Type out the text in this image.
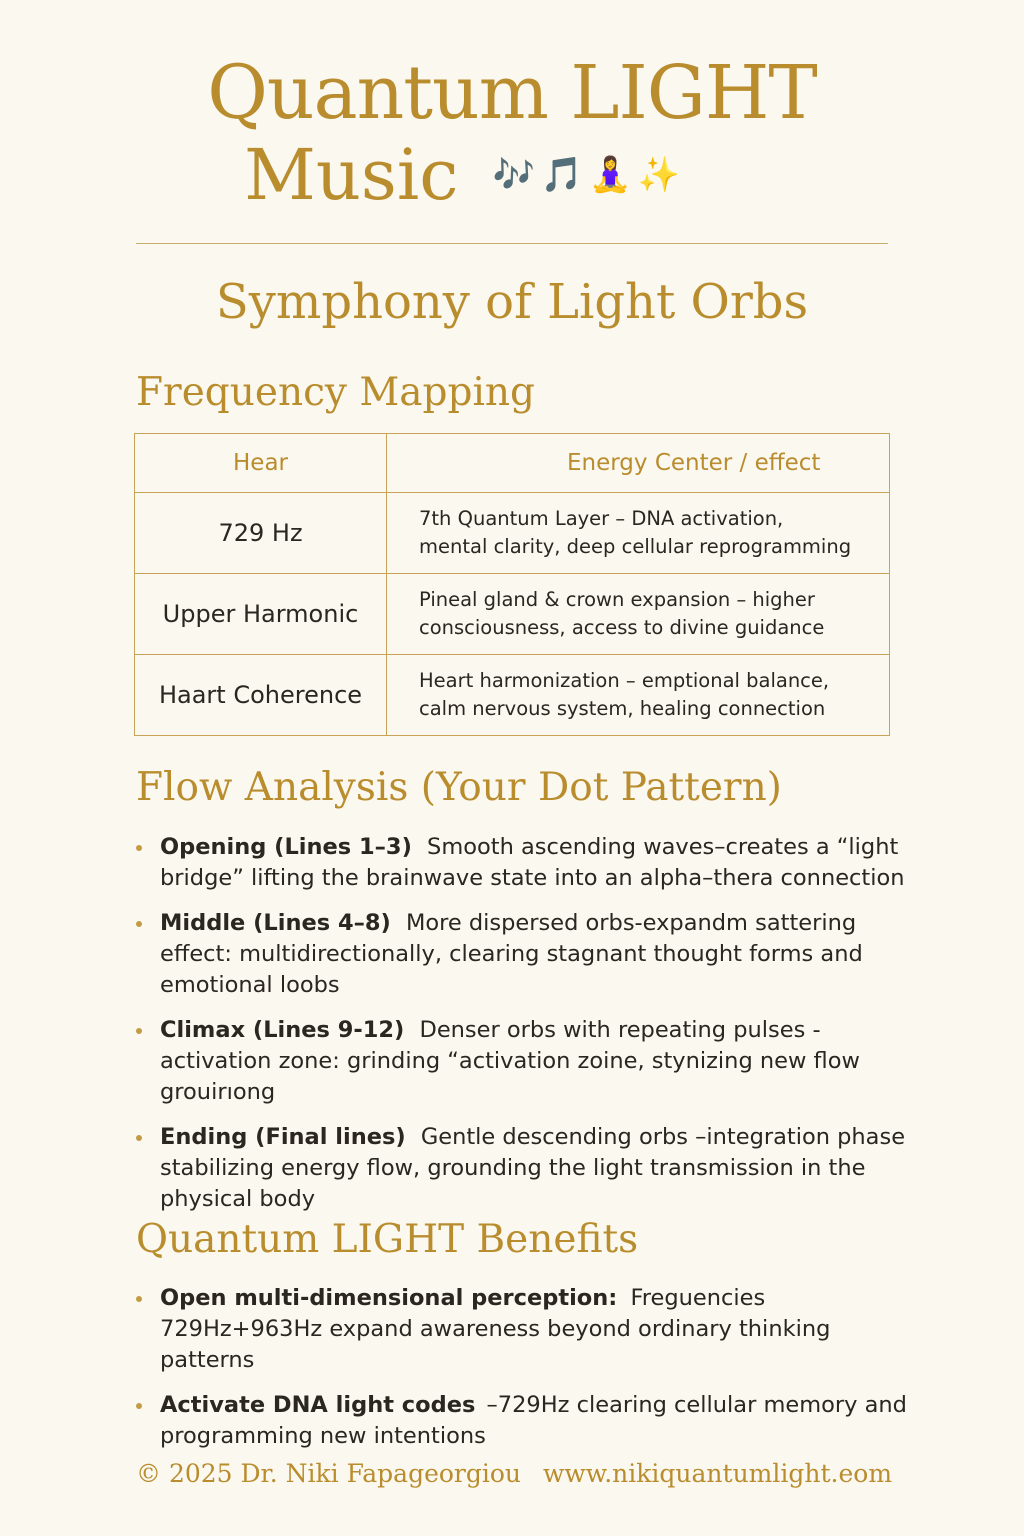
Quantum LIGHT
Music 🎶 🎵 🧘‍♀️ ✨
Symphony of Light Orbs
Frequency Mapping
Hear	Energy Center / effect
729 Hz	7th Quantum Layer – DNA activation,
mental clarity, deep cellular reprogramming

Upper Harmonic	Pineal gland & crown expansion – higher
consciousness, access to divine guidance

Haart Coherence	Heart harmonization – emptional balance,
calm nervous system, healing connection
Flow Analysis (Your Dot Pattern)
Opening (Lines 1–3) Smooth ascending waves–creates a “light bridge” lifting the brainwave state into an alpha–thera connection
Middle (Lines 4–8) More dispersed orbs-expandm sattering effect: multidirectionally, clearing stagnant thought forms and emotional loobs
Climax (Lines 9-12) Denser orbs with repeating pulses -activation zone: grinding “activation zoine, stynizing new flow grouirıong
Ending (Final lines) Gentle descending orbs –integration phase stabilizing energy flow, grounding the light transmission in the physical body
Quantum LIGHT Benefits
Open multi-dimensional perception: Freguencies 729Hz+963Hz expand awareness beyond ordinary thinking patterns
Activate DNA light codes –729Hz clearing cellular memory and programming new intentions
© 2025 Dr. Niki Fapageorgiou www.nikiquantumlight.eom
